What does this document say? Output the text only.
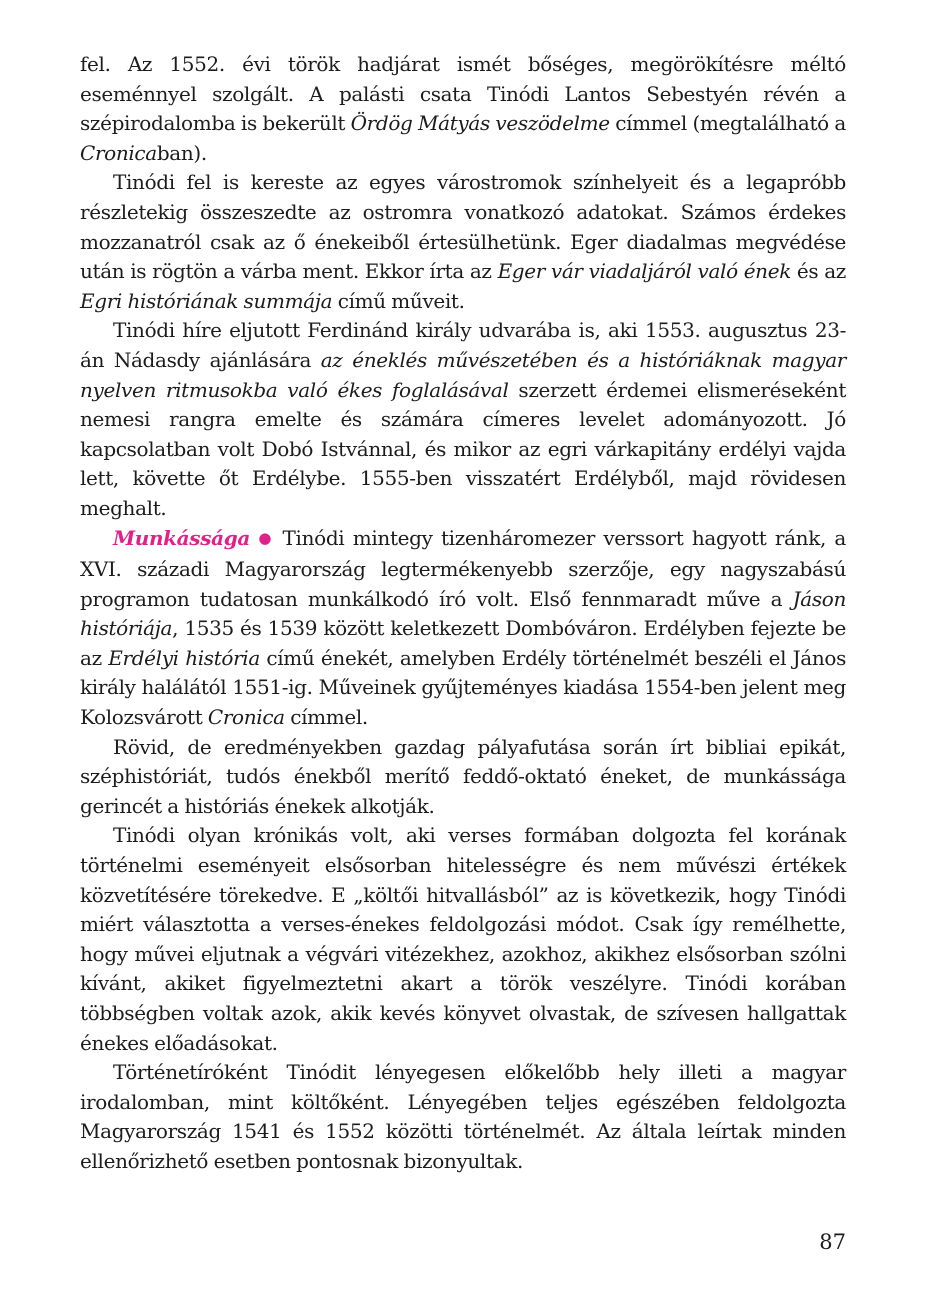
fel. Az 1552. évi török hadjárat ismét bőséges, megörökítésre méltó eseménnyel szolgált. A palásti csata Tinódi Lantos Sebestyén révén a szépirodalomba is bekerült Ördög Mátyás veszödelme címmel (megtalálható a Cronicaban).

Tinódi fel is kereste az egyes várostromok színhelyeit és a legapróbb részletekig összeszedte az ostromra vonatkozó adatokat. Számos érdekes mozzanatról csak az ő énekeiből értesülhetünk. Eger diadalmas megvédése után is rögtön a várba ment. Ekkor írta az Eger vár viadaljáról való ének és az Egri históriának summája című műveit.

Tinódi híre eljutott Ferdinánd király udvarába is, aki 1553. augusztus 23-án Nádasdy ajánlására az éneklés művészetében és a históriáknak magyar nyelven ritmusokba való ékes foglalásával szerzett érdemei elismeréseként nemesi rangra emelte és számára címeres levelet adományozott. Jó kapcsolatban volt Dobó Istvánnal, és mikor az egri várkapitány erdélyi vajda lett, követte őt Erdélybe. 1555-ben visszatért Erdélyből, majd rövidesen meghalt.

Munkássága ● Tinódi mintegy tizenháromezer verssort hagyott ránk, a XVI. századi Magyarország legtermékenyebb szerzője, egy nagyszabású programon tudatosan munkálkodó író volt. Első fennmaradt műve a Jáson históriája, 1535 és 1539 között keletkezett Dombóváron. Erdélyben fejezte be az Erdélyi história című énekét, amelyben Erdély történelmét beszéli el János király halálától 1551-ig. Műveinek gyűjteményes kiadása 1554-ben jelent meg Kolozsvárott Cronica címmel.

Rövid, de eredményekben gazdag pályafutása során írt bibliai epikát, széphistóriát, tudós énekből merítő feddő-oktató éneket, de munkássága gerincét a históriás énekek alkotják.

Tinódi olyan krónikás volt, aki verses formában dolgozta fel korának történelmi eseményeit elsősorban hitelességre és nem művészi értékek közvetítésére törekedve. E „költői hitvallásból” az is következik, hogy Tinódi miért választotta a verses-énekes feldolgozási módot. Csak így remélhette, hogy művei eljutnak a végvári vitézekhez, azokhoz, akikhez elsősorban szólni kívánt, akiket figyelmeztetni akart a török veszélyre. Tinódi korában többségben voltak azok, akik kevés könyvet olvastak, de szívesen hallgattak énekes előadásokat.

Történetíróként Tinódit lényegesen előkelőbb hely illeti a magyar irodalomban, mint költőként. Lényegében teljes egészében feldolgozta Magyarország 1541 és 1552 közötti történelmét. Az általa leírtak minden ellenőrizhető esetben pontosnak bizonyultak.

87
